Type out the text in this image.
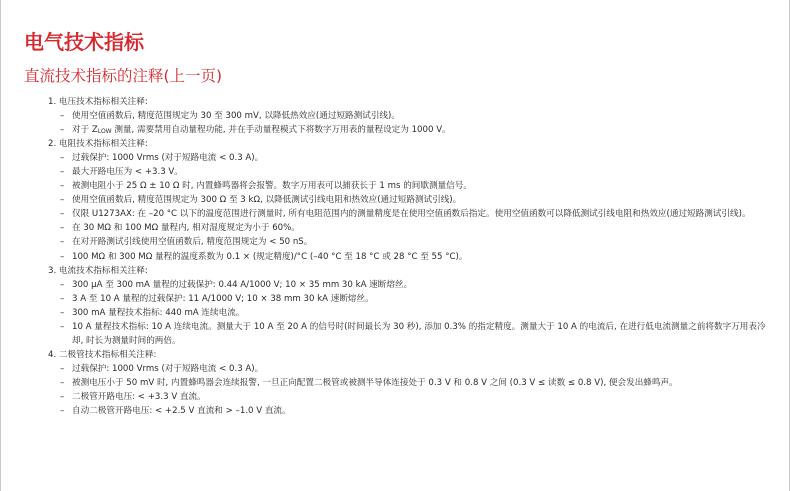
电气技术指标
直流技术指标的注释(上一页)
1. 电压技术指标相关注释:
– 使用空值函数后, 精度范围规定为 30 至 300 mV, 以降低热效应(通过短路测试引线)。
– 对于 $Z_{LOW}$ 测量, 需要禁用自动量程功能, 并在手动量程模式下将数字万用表的量程设定为 1000 V。
2. 电阻技术指标相关注释:
– 过载保护: 1000 Vrms (对于短路电流 < 0.3 A)。
– 最大开路电压为 < +3.3 V。
– 被测电阻小于 25 Ω ± 10 Ω 时, 内置蜂鸣器将会报警。数字万用表可以捕获长于 1 ms 的间歇测量信号。
– 使用空值函数后, 精度范围规定为 300 Ω 至 3 kΩ, 以降低测试引线电阻和热效应(通过短路测试引线)。
– 仅限 U1273AX: 在 –20 °C 以下的温度范围进行测量时, 所有电阻范围内的测量精度是在使用空值函数后指定。使用空值函数可以降低测试引线电阻和热效应(通过短路测试引线)。
– 在 30 MΩ 和 100 MΩ 量程内, 相对湿度规定为小于 60%。
– 在对开路测试引线使用空值函数后, 精度范围规定为 < 50 nS。
– 100 MΩ 和 300 MΩ 量程的温度系数为 0.1 × (规定精度)/°C (–40 °C 至 18 °C 或 28 °C 至 55 °C)。
3. 电流技术指标相关注释:
– 300 µA 至 300 mA 量程的过载保护: 0.44 A/1000 V; 10 × 35 mm 30 kA 速断熔丝。
– 3 A 至 10 A 量程的过载保护: 11 A/1000 V; 10 × 38 mm 30 kA 速断熔丝。
– 300 mA 量程技术指标: 440 mA 连续电流。
– 10 A 量程技术指标: 10 A 连续电流。测量大于 10 A 至 20 A 的信号时(时间最长为 30 秒), 添加 0.3% 的指定精度。测量大于 10 A 的电流后, 在进行低电流测量之前将数字万用表冷却, 时长为测量时间的两倍。
4. 二极管技术指标相关注释:
– 过载保护: 1000 Vrms (对于短路电流 < 0.3 A)。
– 被测电压小于 50 mV 时, 内置蜂鸣器会连续报警, 一旦正向配置二极管或被测半导体连接处于 0.3 V 和 0.8 V 之间 (0.3 V ≤ 读数 ≤ 0.8 V), 便会发出蜂鸣声。
– 二极管开路电压: < +3.3 V 直流。
– 自动二极管开路电压: < +2.5 V 直流和 > –1.0 V 直流。
